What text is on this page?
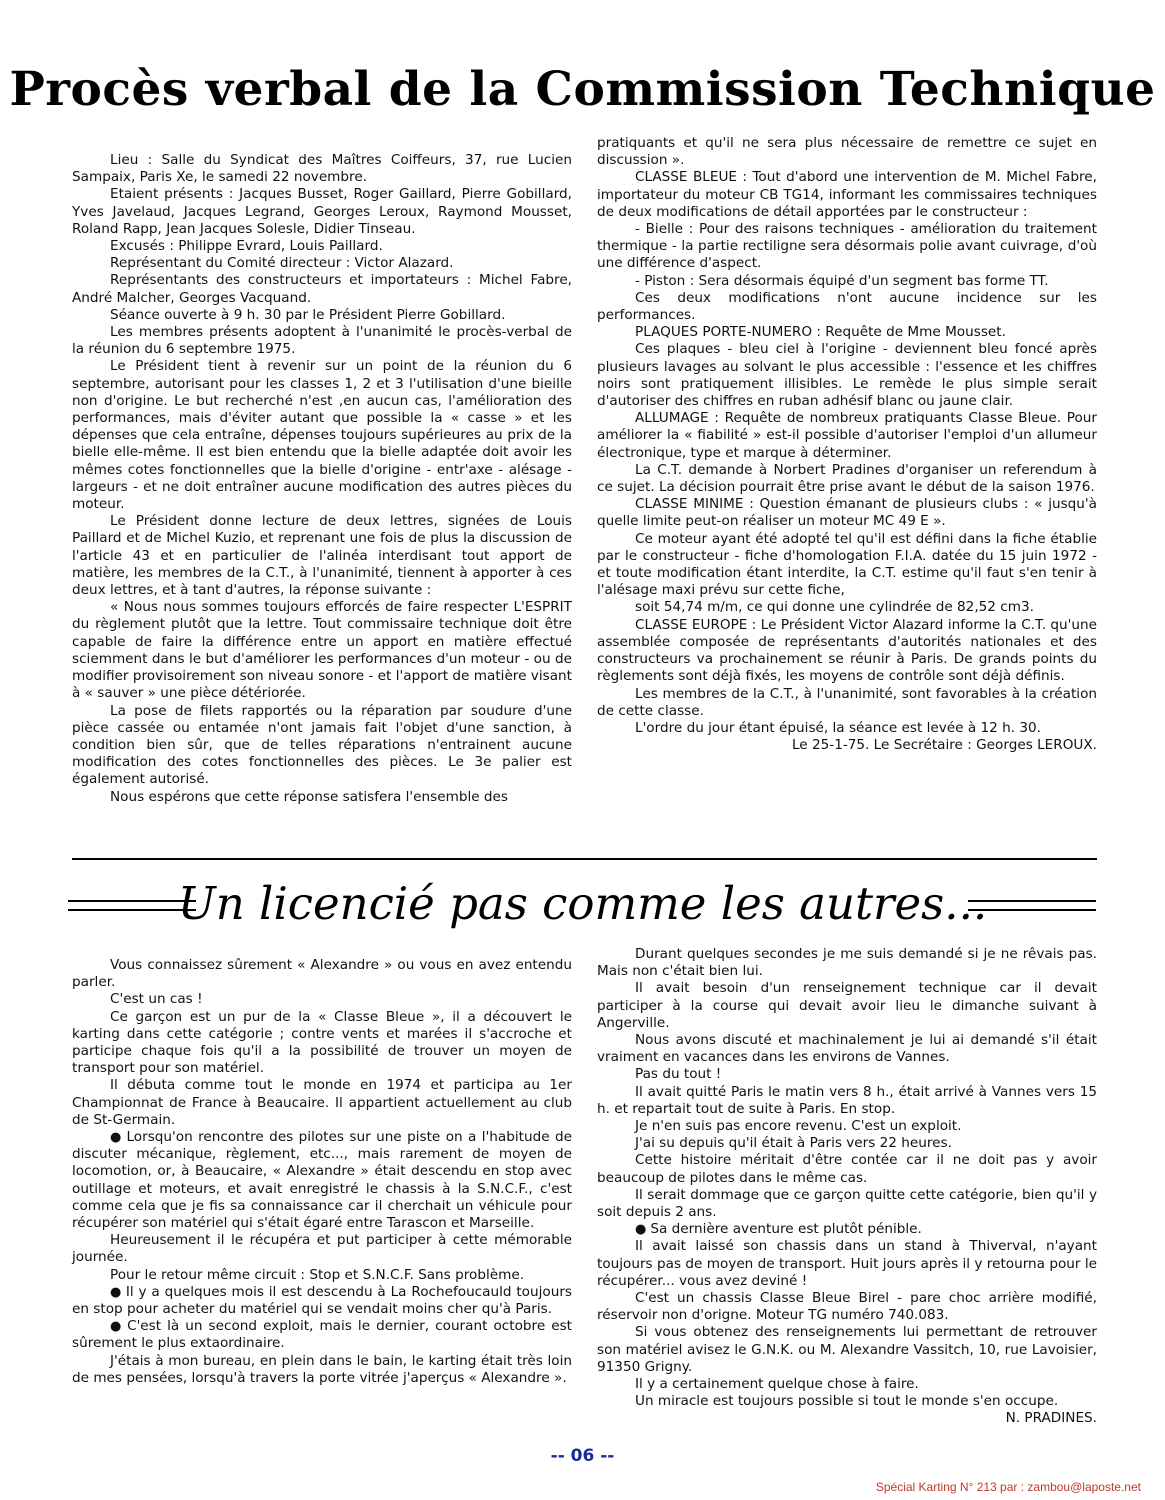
Procès verbal de la Commission Technique

Lieu : Salle du Syndicat des Maîtres Coiffeurs, 37, rue Lucien Sampaix, Paris Xe, le samedi 22 novembre.

Etaient présents : Jacques Busset, Roger Gaillard, Pierre Gobillard, Yves Javelaud, Jacques Legrand, Georges Leroux, Raymond Mousset, Roland Rapp, Jean Jacques Solesle, Didier Tinseau.

Excusés : Philippe Evrard, Louis Paillard.

Représentant du Comité directeur : Victor Alazard.

Représentants des constructeurs et importateurs : Michel Fabre, André Malcher, Georges Vacquand.

Séance ouverte à 9 h. 30 par le Président Pierre Gobillard.

Les membres présents adoptent à l'unanimité le procès-verbal de la réunion du 6 septembre 1975.

Le Président tient à revenir sur un point de la réunion du 6 septembre, autorisant pour les classes 1, 2 et 3 l'utilisation d'une bieille non d'origine. Le but recherché n'est ,en aucun cas, l'amélioration des performances, mais d'éviter autant que possible la « casse » et les dépenses que cela entraîne, dépenses toujours supérieures au prix de la bielle elle-même. Il est bien entendu que la bielle adaptée doit avoir les mêmes cotes fonctionnelles que la bielle d'origine - entr'axe - alésage - largeurs - et ne doit entraîner aucune modification des autres pièces du moteur.

Le Président donne lecture de deux lettres, signées de Louis Paillard et de Michel Kuzio, et reprenant une fois de plus la discussion de l'article 43 et en particulier de l'alinéa interdisant tout apport de matière, les membres de la C.T., à l'unanimité, tiennent à apporter à ces deux lettres, et à tant d'autres, la réponse suivante :

« Nous nous sommes toujours efforcés de faire respecter L'ESPRIT du règlement plutôt que la lettre. Tout commissaire technique doit être capable de faire la différence entre un apport en matière effectué sciemment dans le but d'améliorer les performances d'un moteur - ou de modifier provisoirement son niveau sonore - et l'apport de matière visant à « sauver » une pièce détériorée.

La pose de filets rapportés ou la réparation par soudure d'une pièce cassée ou entamée n'ont jamais fait l'objet d'une sanction, à condition bien sûr, que de telles réparations n'entrainent aucune modification des cotes fonctionnelles des pièces. Le 3e palier est également autorisé.

Nous espérons que cette réponse satisfera l'ensemble des

pratiquants et qu'il ne sera plus nécessaire de remettre ce sujet en discussion ».

CLASSE BLEUE : Tout d'abord une intervention de M. Michel Fabre, importateur du moteur CB TG14, informant les commissaires techniques de deux modifications de détail apportées par le constructeur :

- Bielle : Pour des raisons techniques - amélioration du traitement thermique - la partie rectiligne sera désormais polie avant cuivrage, d'où une différence d'aspect.

- Piston : Sera désormais équipé d'un segment bas forme TT.

Ces deux modifications n'ont aucune incidence sur les performances.

PLAQUES PORTE-NUMERO : Requête de Mme Mousset.

Ces plaques - bleu ciel à l'origine - deviennent bleu foncé après plusieurs lavages au solvant le plus accessible : l'essence et les chiffres noirs sont pratiquement illisibles. Le remède le plus simple serait d'autoriser des chiffres en ruban adhésif blanc ou jaune clair.

ALLUMAGE : Requête de nombreux pratiquants Classe Bleue. Pour améliorer la « fiabilité » est-il possible d'autoriser l'emploi d'un allumeur électronique, type et marque à déterminer.

La C.T. demande à Norbert Pradines d'organiser un referendum à ce sujet. La décision pourrait être prise avant le début de la saison 1976.

CLASSE MINIME : Question émanant de plusieurs clubs : « jusqu'à quelle limite peut-on réaliser un moteur MC 49 E ».

Ce moteur ayant été adopté tel qu'il est défini dans la fiche établie par le constructeur - fiche d'homologation F.I.A. datée du 15 juin 1972 - et toute modification étant interdite, la C.T. estime qu'il faut s'en tenir à l'alésage maxi prévu sur cette fiche,

soit 54,74 m/m, ce qui donne une cylindrée de 82,52 cm3.

CLASSE EUROPE : Le Président Victor Alazard informe la C.T. qu'une assemblée composée de représentants d'autorités nationales et des constructeurs va prochainement se réunir à Paris. De grands points du règlements sont déjà fixés, les moyens de contrôle sont déjà définis.

Les membres de la C.T., à l'unanimité, sont favorables à la création de cette classe.

L'ordre du jour étant épuisé, la séance est levée à 12 h. 30.

Le 25-1-75. Le Secrétaire : Georges LEROUX.

Un licencié pas comme les autres...

Vous connaissez sûrement « Alexandre » ou vous en avez entendu parler.

C'est un cas !

Ce garçon est un pur de la « Classe Bleue », il a découvert le karting dans cette catégorie ; contre vents et marées il s'accroche et participe chaque fois qu'il a la possibilité de trouver un moyen de transport pour son matériel.

Il débuta comme tout le monde en 1974 et participa au 1er Championnat de France à Beaucaire. Il appartient actuellement au club de St-Germain.

● Lorsqu'on rencontre des pilotes sur une piste on a l'habitude de discuter mécanique, règlement, etc..., mais rarement de moyen de locomotion, or, à Beaucaire, « Alexandre » était descendu en stop avec outillage et moteurs, et avait enregistré le chassis à la S.N.C.F., c'est comme cela que je fis sa connaissance car il cherchait un véhicule pour récupérer son matériel qui s'était égaré entre Tarascon et Marseille.

Heureusement il le récupéra et put participer à cette mémorable journée.

Pour le retour même circuit : Stop et S.N.C.F. Sans problème.

● Il y a quelques mois il est descendu à La Rochefoucauld toujours en stop pour acheter du matériel qui se vendait moins cher qu'à Paris.

● C'est là un second exploit, mais le dernier, courant octobre est sûrement le plus extaordinaire.

J'étais à mon bureau, en plein dans le bain, le karting était très loin de mes pensées, lorsqu'à travers la porte vitrée j'aperçus « Alexandre ».

Durant quelques secondes je me suis demandé si je ne rêvais pas. Mais non c'était bien lui.

Il avait besoin d'un renseignement technique car il devait participer à la course qui devait avoir lieu le dimanche suivant à Angerville.

Nous avons discuté et machinalement je lui ai demandé s'il était vraiment en vacances dans les environs de Vannes.

Pas du tout !

Il avait quitté Paris le matin vers 8 h., était arrivé à Vannes vers 15 h. et repartait tout de suite à Paris. En stop.

Je n'en suis pas encore revenu. C'est un exploit.

J'ai su depuis qu'il était à Paris vers 22 heures.

Cette histoire méritait d'être contée car il ne doit pas y avoir beaucoup de pilotes dans le même cas.

Il serait dommage que ce garçon quitte cette catégorie, bien qu'il y soit depuis 2 ans.

● Sa dernière aventure est plutôt pénible.

Il avait laissé son chassis dans un stand à Thiverval, n'ayant toujours pas de moyen de transport. Huit jours après il y retourna pour le récupérer... vous avez deviné !

C'est un chassis Classe Bleue Birel - pare choc arrière modifié, réservoir non d'origne. Moteur TG numéro 740.083.

Si vous obtenez des renseignements lui permettant de retrouver son matériel avisez le G.N.K. ou M. Alexandre Vassitch, 10, rue Lavoisier, 91350 Grigny.

Il y a certainement quelque chose à faire.

Un miracle est toujours possible si tout le monde s'en occupe.

N. PRADINES.

-- 06 --
Spécial Karting N° 213 par : zambou@laposte.net
